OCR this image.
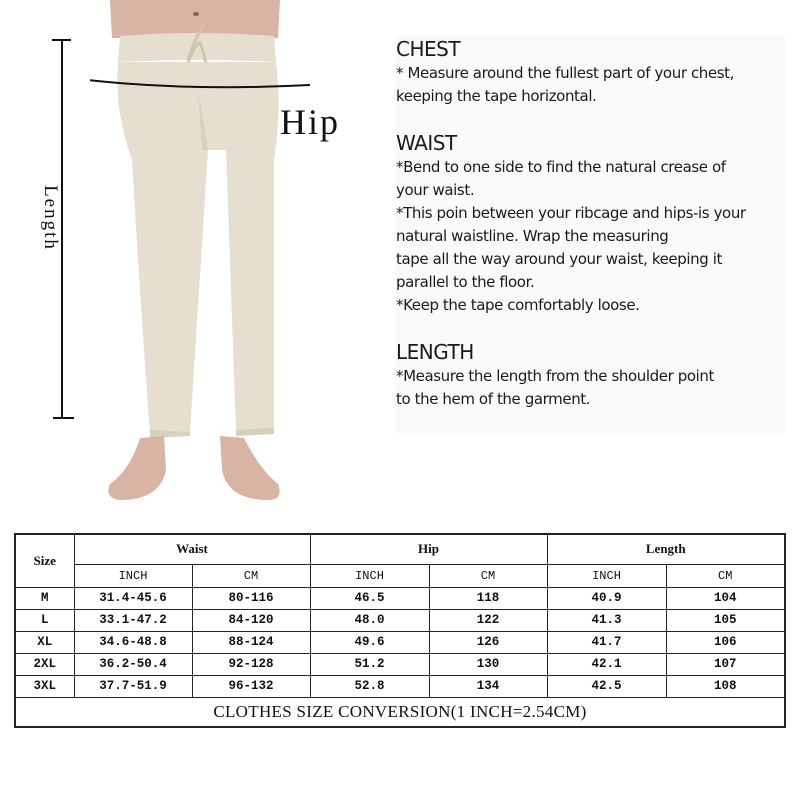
Length
Hip

CHEST

* Measure around the fullest part of your chest,

keeping the tape horizontal.

WAIST

*Bend to one side to find the natural crease of

your waist.

*This poin between your ribcage and hips-is your

natural waistline. Wrap the measuring

tape all the way around your waist, keeping it

parallel to the floor.

*Keep the tape comfortably loose.

LENGTH

*Measure the length from the shoulder point

to the hem of the garment.

Size	Waist		Hip		Length	
	INCH	CM	INCH	CM	INCH	CM
M	31.4-45.6	80-116	46.5	118	40.9	104
L	33.1-47.2	84-120	48.0	122	41.3	105
XL	34.6-48.8	88-124	49.6	126	41.7	106
2XL	36.2-50.4	92-128	51.2	130	42.1	107
3XL	37.7-51.9	96-132	52.8	134	42.5	108
CLOTHES SIZE CONVERSION(1 INCH=2.54CM)						
